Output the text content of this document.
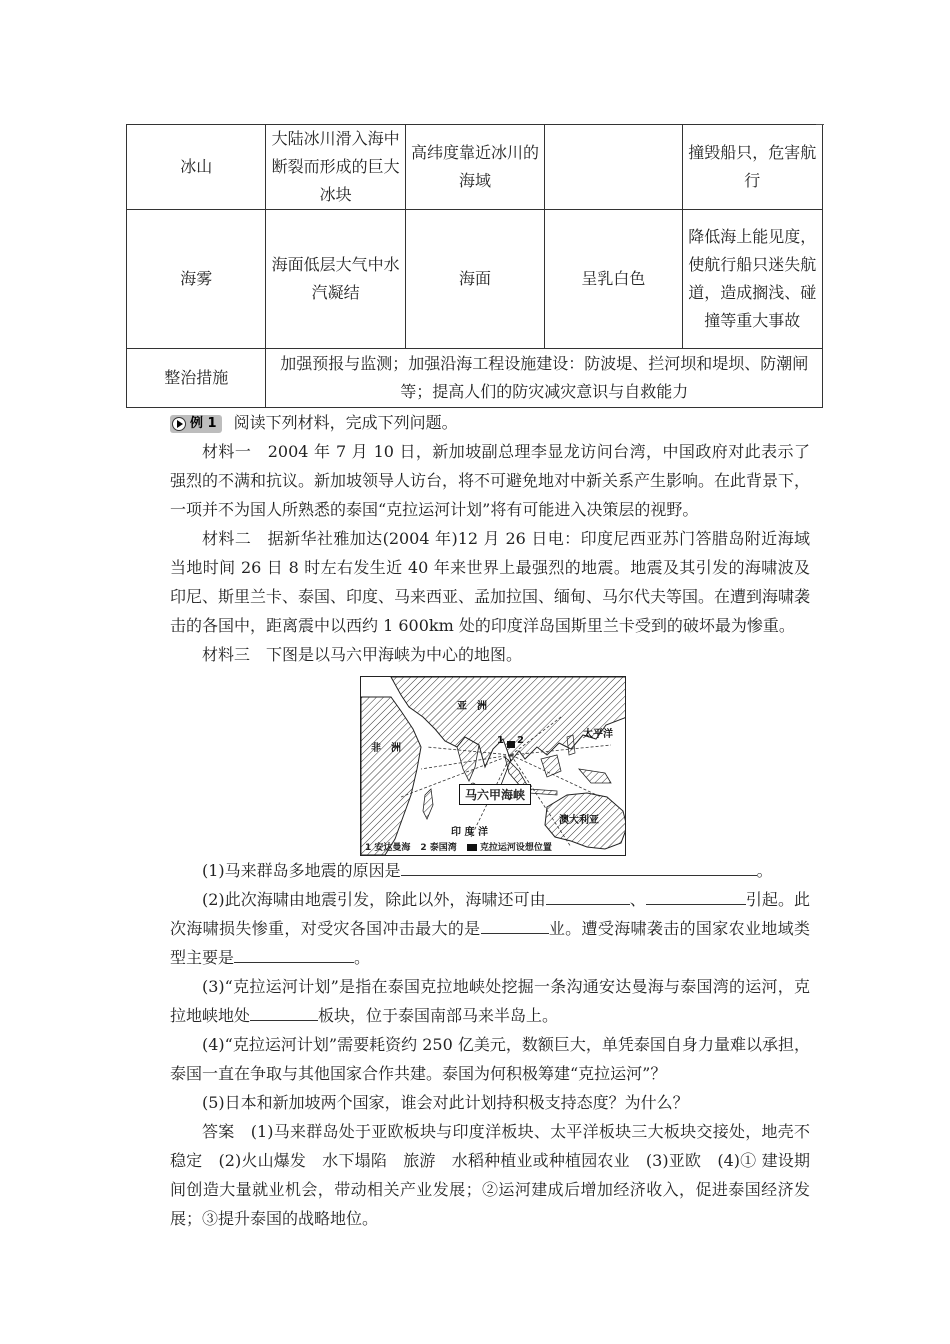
冰山	大陆冰川滑入海中断裂而形成的巨大冰块	高纬度靠近冰川的海域		撞毁船只，危害航行
海雾	海面低层大气中水汽凝结	海面	呈乳白色	降低海上能见度，使航行船只迷失航道，造成搁浅、碰撞等重大事故
整治措施	加强预报与监测；加强沿海工程设施建设：防波堤、拦河坝和堤坝、防潮闸等；提高人们的防灾减灾意识与自救能力			

例 1 阅读下列材料，完成下列问题。

材料一　2004 年 7 月 10 日，新加坡副总理李显龙访问台湾，中国政府对此表示了强烈的不满和抗议。新加坡领导人访台，将不可避免地对中新关系产生影响。在此背景下，一项并不为国人所熟悉的泰国“克拉运河计划”将有可能进入决策层的视野。

材料二　据新华社雅加达(2004 年)12 月 26 日电：印度尼西亚苏门答腊岛附近海域当地时间 26 日 8 时左右发生近 40 年来世界上最强烈的地震。地震及其引发的海啸波及印尼、斯里兰卡、泰国、印度、马来西亚、孟加拉国、缅甸、马尔代夫等国。在遭到海啸袭击的各国中，距离震中以西约 1 600km 处的印度洋岛国斯里兰卡受到的破坏最为惨重。

材料三　下图是以马六甲海峡为中心的地图。

亚　洲
太平洋
非　洲
澳大利亚
印 度 洋
1 2
马六甲海峡
1 安达曼海 2 泰国湾	克拉运河设想位置

(1)马来群岛多地震的原因是	。

(2)此次海啸由地震引发，除此以外，海啸还可由	、	引起。此次海啸损失惨重，对受灾各国冲击最大的是	业。遭受海啸袭击的国家农业地域类型主要是	。

(3)“克拉运河计划”是指在泰国克拉地峡处挖掘一条沟通安达曼海与泰国湾的运河，克拉地峡地处	板块，位于泰国南部马来半岛上。

(4)“克拉运河计划”需要耗资约 250 亿美元，数额巨大，单凭泰国自身力量难以承担，泰国一直在争取与其他国家合作共建。泰国为何积极筹建“克拉运河”？

(5)日本和新加坡两个国家，谁会对此计划持积极支持态度？为什么？

答案　(1)马来群岛处于亚欧板块与印度洋板块、太平洋板块三大板块交接处，地壳不稳定　(2)火山爆发　水下塌陷　旅游　水稻种植业或种植园农业　(3)亚欧　(4)① 建设期间创造大量就业机会，带动相关产业发展；②运河建成后增加经济收入，促进泰国经济发展；③提升泰国的战略地位。
